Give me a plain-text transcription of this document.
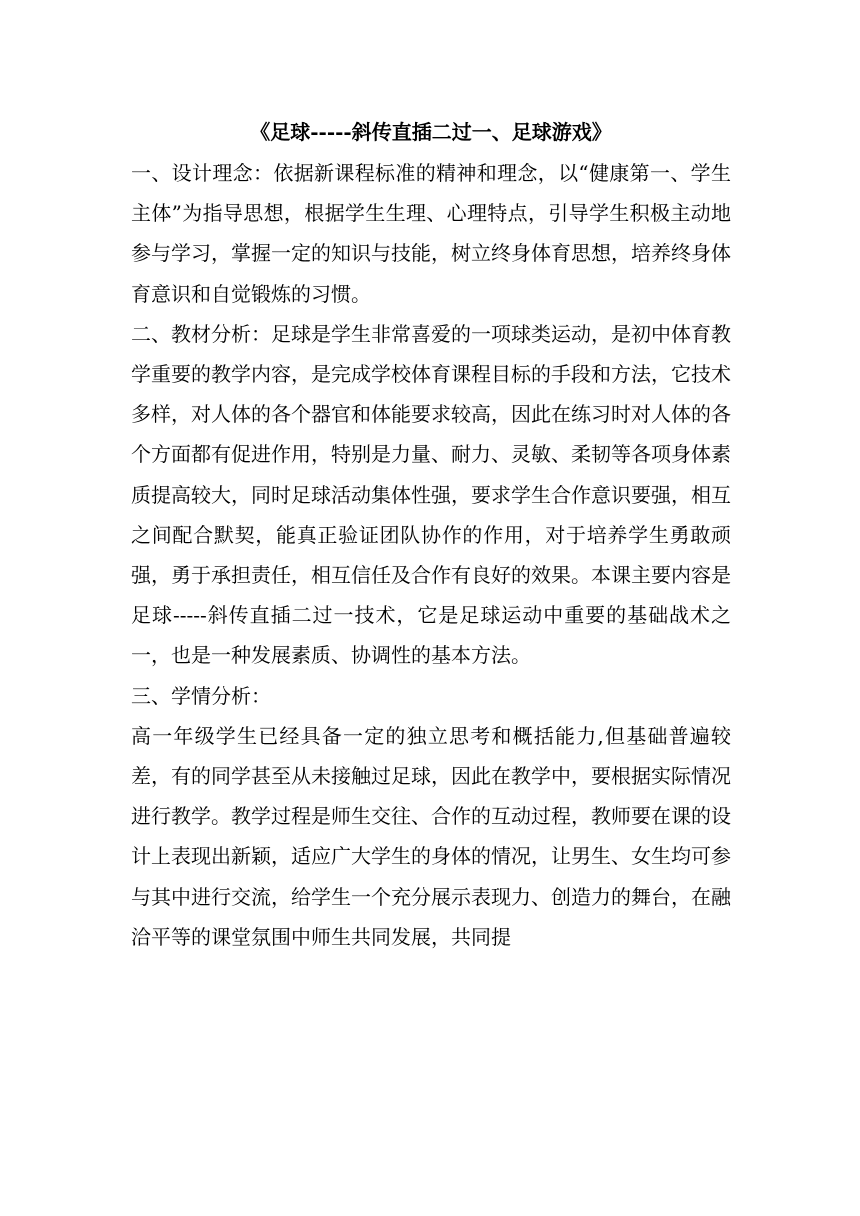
《足球-----斜传直插二过一、足球游戏》

一、设计理念：依据新课程标准的精神和理念，以“健康第一、学生主体”为指导思想，根据学生生理、心理特点，引导学生积极主动地参与学习，掌握一定的知识与技能，树立终身体育思想，培养终身体育意识和自觉锻炼的习惯。

二、教材分析：足球是学生非常喜爱的一项球类运动，是初中体育教学重要的教学内容，是完成学校体育课程目标的手段和方法，它技术多样，对人体的各个器官和体能要求较高，因此在练习时对人体的各个方面都有促进作用，特别是力量、耐力、灵敏、柔韧等各项身体素质提高较大，同时足球活动集体性强，要求学生合作意识要强，相互之间配合默契，能真正验证团队协作的作用，对于培养学生勇敢顽强，勇于承担责任，相互信任及合作有良好的效果。本课主要内容是足球-----斜传直插二过一技术，它是足球运动中重要的基础战术之一，也是一种发展素质、协调性的基本方法。

三、学情分析：

高一年级学生已经具备一定的独立思考和概括能力,但基础普遍较差，有的同学甚至从未接触过足球，因此在教学中，要根据实际情况进行教学。教学过程是师生交往、合作的互动过程，教师要在课的设计上表现出新颖，适应广大学生的身体的情况，让男生、女生均可参与其中进行交流，给学生一个充分展示表现力、创造力的舞台，在融洽平等的课堂氛围中师生共同发展，共同提
